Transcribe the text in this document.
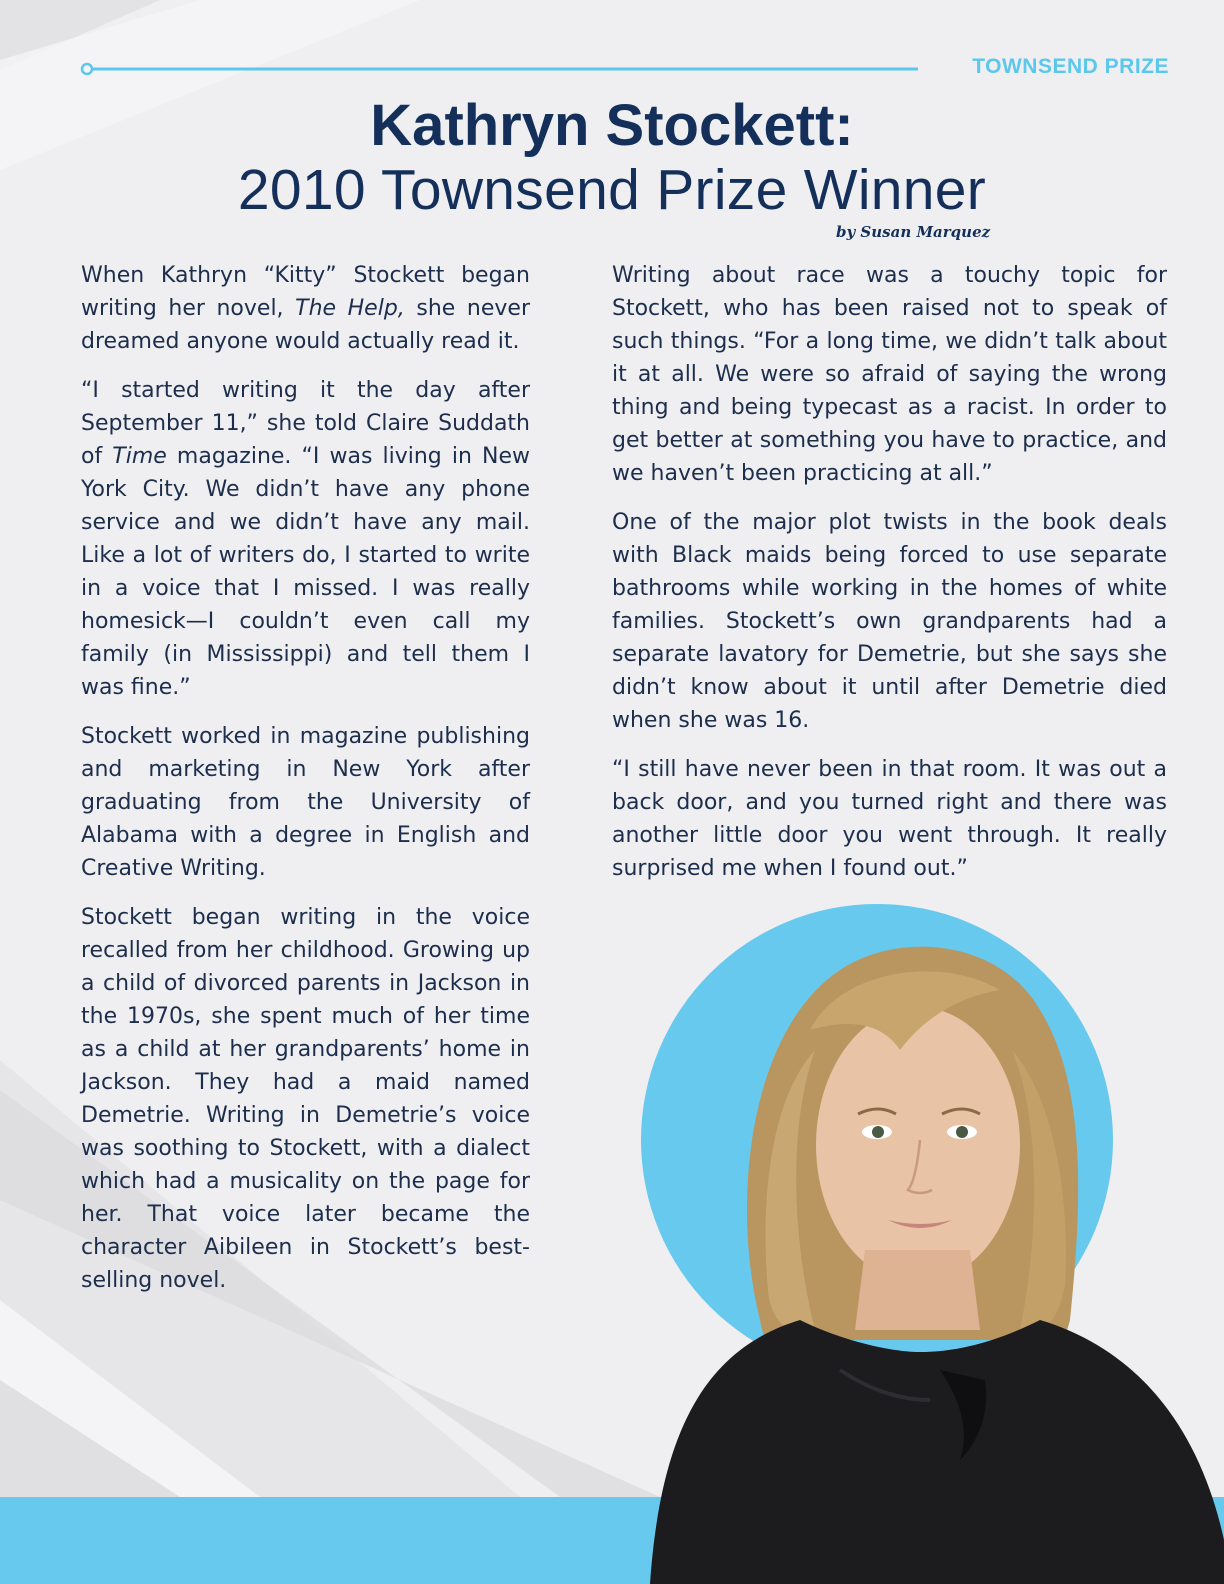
TOWNSEND PRIZE
Kathryn Stockett:
2010 Townsend Prize Winner
by Susan Marquez

When Kathryn “Kitty” Stockett began writing her novel, The Help, she never dreamed anyone would actually read it.

“I started writing it the day after September 11,” she told Claire Suddath of Time magazine. “I was living in New York City. We didn’t have any phone service and we didn’t have any mail. Like a lot of writers do, I started to write in a voice that I missed. I was really homesick—I couldn’t even call my family (in Mississippi) and tell them I was fine.”

Stockett worked in magazine publishing and marketing in New York after graduating from the University of Alabama with a degree in English and Creative Writing.

Stockett began writing in the voice recalled from her childhood. Growing up a child of divorced parents in Jackson in the 1970s, she spent much of her time as a child at her grandparents’ home in Jackson. They had a maid named Demetrie. Writing in Demetrie’s voice was soothing to Stockett, with a dialect which had a musicality on the page for her. That voice later became the character Aibileen in Stockett’s best-selling novel.

Writing about race was a touchy topic for Stockett, who has been raised not to speak of such things. “For a long time, we didn’t talk about it at all. We were so afraid of saying the wrong thing and being typecast as a racist. In order to get better at something you have to practice, and we haven’t been practicing at all.”

One of the major plot twists in the book deals with Black maids being forced to use separate bathrooms while working in the homes of white families. Stockett’s own grandparents had a separate lavatory for Demetrie, but she says she didn’t know about it until after Demetrie died when she was 16.

“I still have never been in that room. It was out a back door, and you turned right and there was another little door you went through. It really surprised me when I found out.”
